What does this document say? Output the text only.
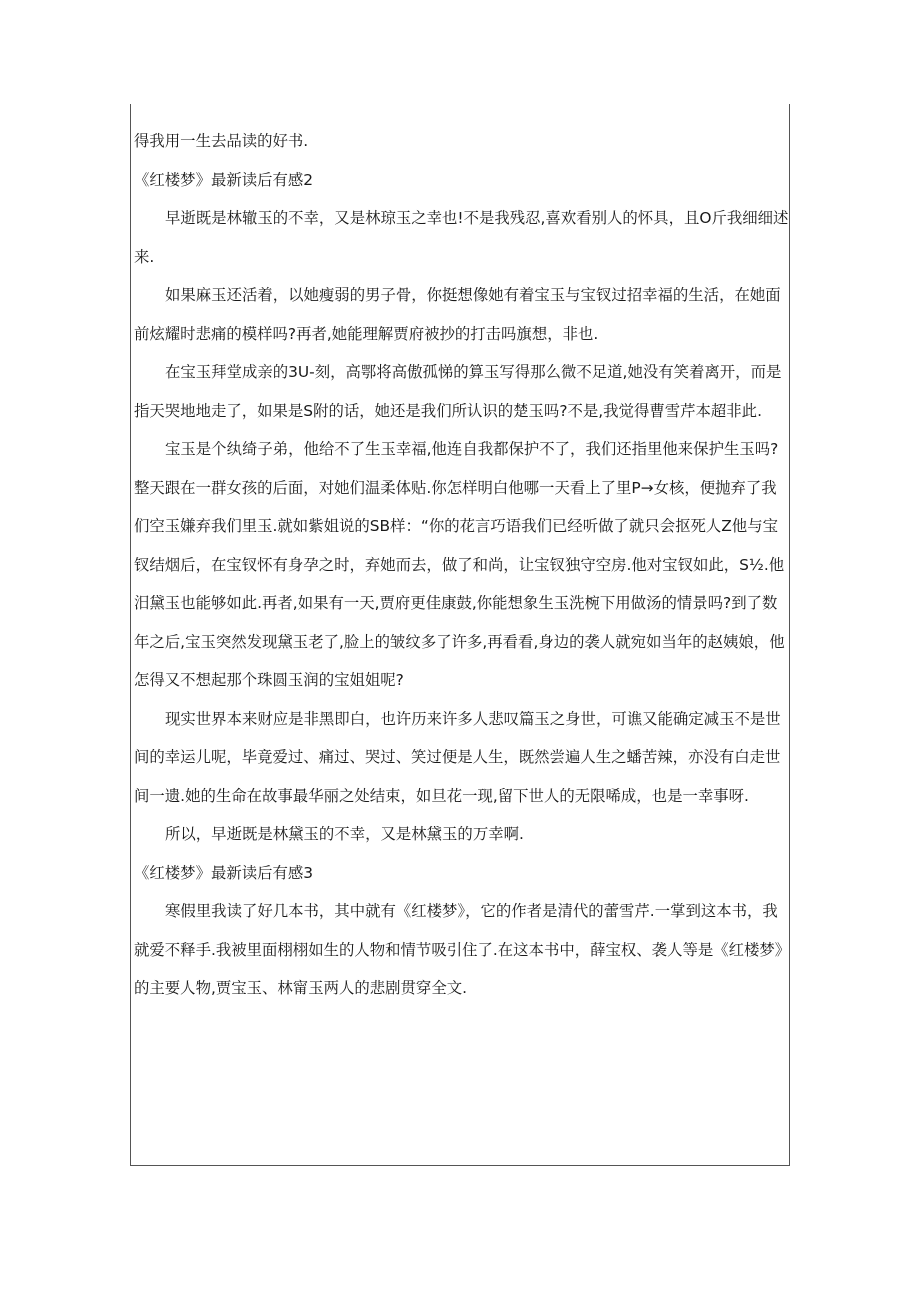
得我用一生去品读的好书.

《红楼梦》最新读后有感2

早逝既是林辙玉的不幸，又是林琼玉之幸也!不是我残忍,喜欢看别人的怀具，且O斤我细细述来.

如果麻玉还活着，以她瘦弱的男子骨，你挺想像她有着宝玉与宝钗过招幸福的生活，在她面前炫耀时悲痛的模样吗?再者,她能理解贾府被抄的打击吗旗想，非也.

在宝玉拜堂成亲的3U-刻，高鄂将高傲孤悌的算玉写得那么微不足道,她没有笑着离开，而是指天哭地地走了，如果是S附的话，她还是我们所认识的楚玉吗?不是,我觉得曹雪芹本超非此.

宝玉是个纨绮子弟，他给不了生玉幸福,他连自我都保护不了，我们还指里他来保护生玉吗?整天跟在一群女孩的后面，对她们温柔体贴.你怎样明白他哪一天看上了里P→女核，便抛弃了我们空玉嫌弃我们里玉.就如紫姐说的SB样：“你的花言巧语我们已经听做了就只会抠死人Z他与宝钗结烟后，在宝钗怀有身孕之时，弃她而去，做了和尚，让宝钗独守空房.他对宝钗如此，S½.他汨黛玉也能够如此.再者,如果有一天,贾府更佳康鼓,你能想象生玉洗椀下用做汤的情景吗?到了数年之后,宝玉突然发现黛玉老了,脸上的皱纹多了许多,再看看,身边的袭人就宛如当年的赵姨娘，他怎得又不想起那个珠圆玉润的宝姐姐呢?

现实世界本来财应是非黑即白，也许历来许多人悲叹篇玉之身世，可谯又能确定减玉不是世间的幸运儿呢，毕竟爱过、痛过、哭过、笑过便是人生，既然尝遍人生之蟠苦辣，亦没有白走世间一遗.她的生命在故事最华丽之处结束，如旦花一现,留下世人的无限唏成，也是一幸事呀.

所以，早逝既是林黛玉的不幸，又是林黛玉的万幸啊.

《红楼梦》最新读后有感3

寒假里我读了好几本书，其中就有《红楼梦》，它的作者是清代的蕾雪芹.一掌到这本书，我就爱不释手.我被里面栩栩如生的人物和情节吸引住了.在这本书中，薛宝权、袭人等是《红楼梦》的主要人物,贾宝玉、林甯玉两人的悲剧贯穿全文.
